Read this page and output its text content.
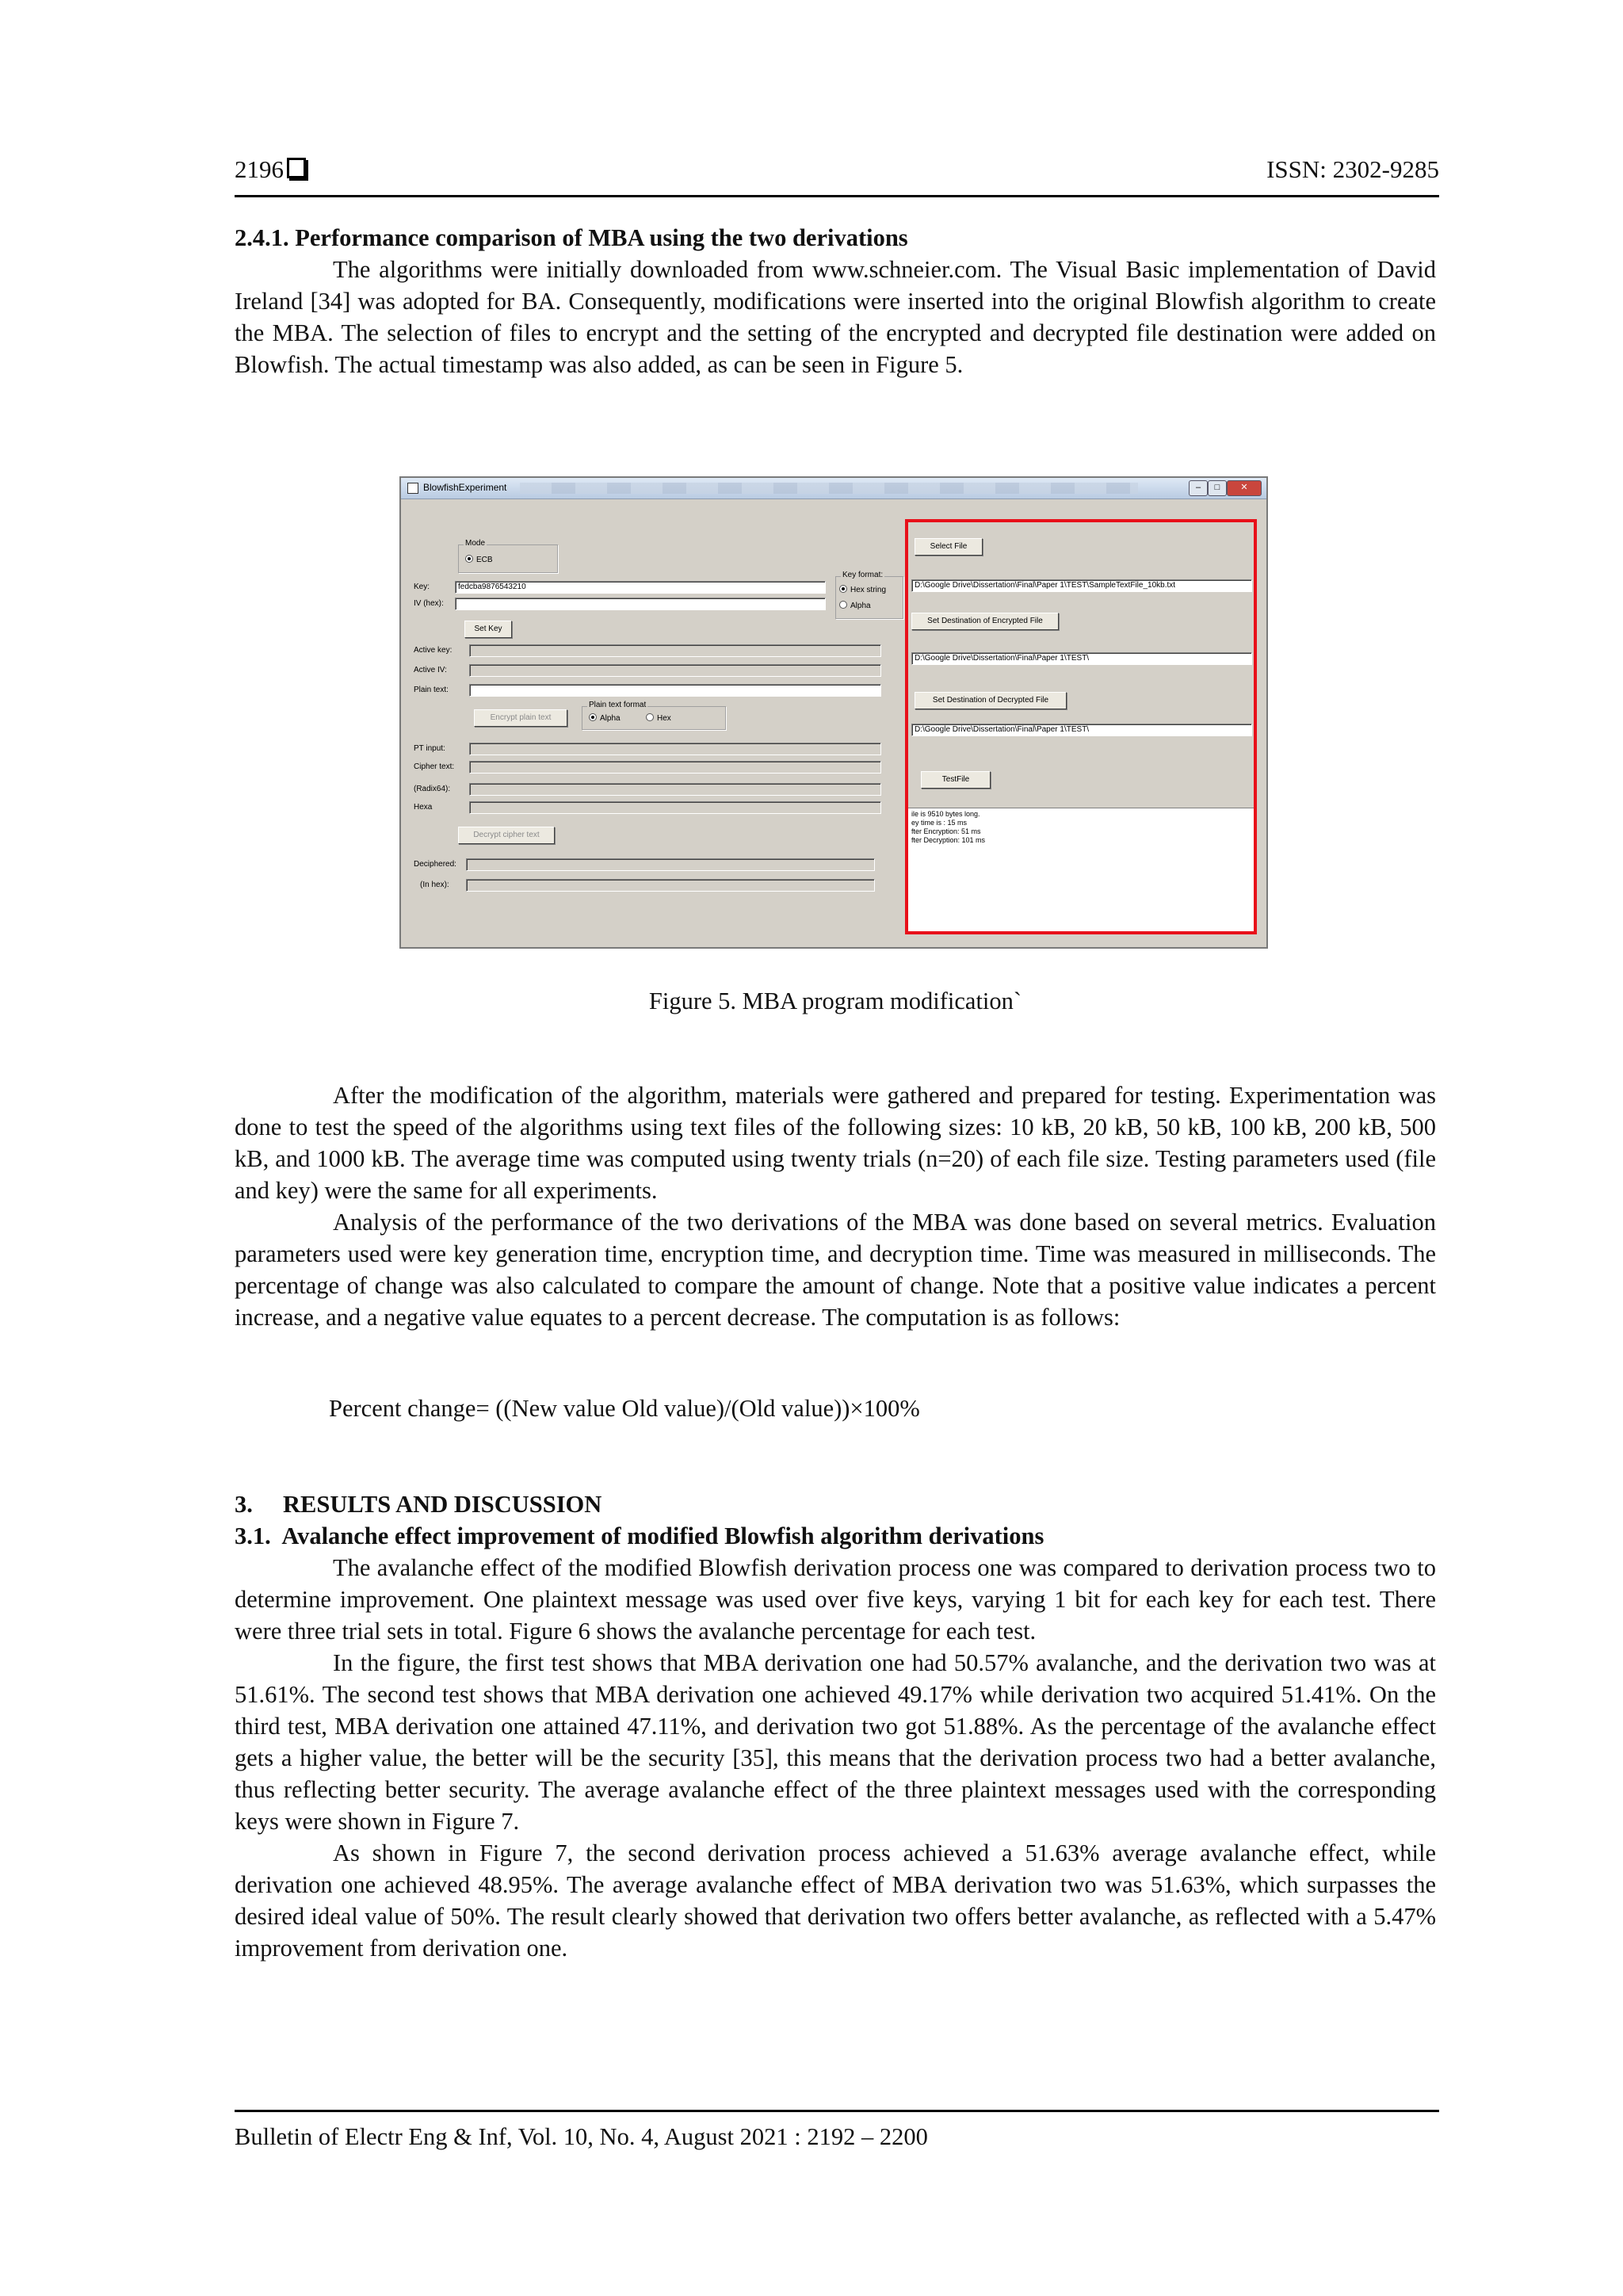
2196	ISSN: 2302-9285

2.4.1. Performance comparison of MBA using the two derivations

The algorithms were initially downloaded from www.schneier.com. The Visual Basic implementation of David Ireland [34] was adopted for BA. Consequently, modifications were inserted into the original Blowfish algorithm to create the MBA. The selection of files to encrypt and the setting of the encrypted and decrypted file destination were added on Blowfish. The actual timestamp was also added, as can be seen in Figure 5.

BlowfishExperiment	–	□	✕
Mode
ECB
Key:	fedcba9876543210
IV (hex):
Key format:
Hex string
Alpha
Set Key
Active key:
Active IV:
Plain text:
Encrypt plain text
Plain text format
Alpha	Hex
PT input:
Cipher text:
(Radix64):
Hexa
Decrypt cipher text
Deciphered:
(In hex):
Select File
D:\Google Drive\Dissertation\Final\Paper 1\TEST\SampleTextFile_10kb.txt
Set Destination of Encrypted File
D:\Google Drive\Dissertation\Final\Paper 1\TEST\
Set Destination of Decrypted File
D:\Google Drive\Dissertation\Final\Paper 1\TEST\
TestFile
ile is 9510 bytes long.
ey time is : 15 ms
fter Encryption: 51 ms
fter Decryption: 101 ms
Figure 5. MBA program modification`

After the modification of the algorithm, materials were gathered and prepared for testing. Experimentation was done to test the speed of the algorithms using text files of the following sizes: 10 kB, 20 kB, 50 kB, 100 kB, 200 kB, 500 kB, and 1000 kB. The average time was computed using twenty trials (n=20) of each file size. Testing parameters used (file and key) were the same for all experiments.

Analysis of the performance of the two derivations of the MBA was done based on several metrics. Evaluation parameters used were key generation time, encryption time, and decryption time. Time was measured in milliseconds. The percentage of change was also calculated to compare the amount of change. Note that a positive value indicates a percent increase, and a negative value equates to a percent decrease. The computation is as follows:

Percent change= ((New value Old value)/(Old value))×100%

3.     RESULTS AND DISCUSSION

3.1.  Avalanche effect improvement of modified Blowfish algorithm derivations

The avalanche effect of the modified Blowfish derivation process one was compared to derivation process two to determine improvement. One plaintext message was used over five keys, varying 1 bit for each key for each test. There were three trial sets in total. Figure 6 shows the avalanche percentage for each test.

In the figure, the first test shows that MBA derivation one had 50.57% avalanche, and the derivation two was at 51.61%. The second test shows that MBA derivation one achieved 49.17% while derivation two acquired 51.41%. On the third test, MBA derivation one attained 47.11%, and derivation two got 51.88%. As the percentage of the avalanche effect gets a higher value, the better will be the security [35], this means that the derivation process two had a better avalanche, thus reflecting better security. The average avalanche effect of the three plaintext messages used with the corresponding keys were shown in Figure 7.

As shown in Figure 7, the second derivation process achieved a 51.63% average avalanche effect, while derivation one achieved 48.95%. The average avalanche effect of MBA derivation two was 51.63%, which surpasses the desired ideal value of 50%. The result clearly showed that derivation two offers better avalanche, as reflected with a 5.47% improvement from derivation one.

Bulletin of Electr Eng & Inf, Vol. 10, No. 4, August 2021 : 2192 – 2200
